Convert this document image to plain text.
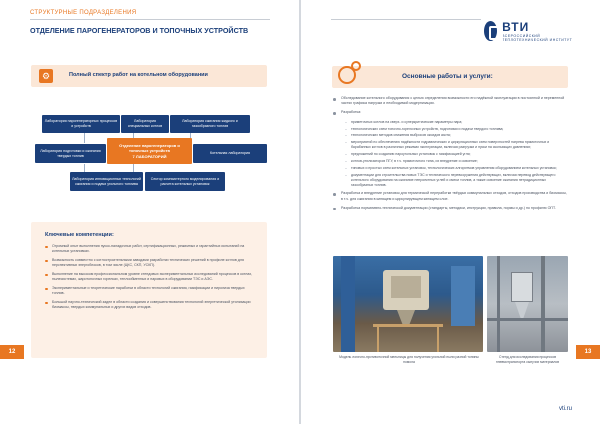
СТРУКТУРНЫЕ ПОДРАЗДЕЛЕНИЯ
ОТДЕЛЕНИЕ ПАРОГЕНЕРАТОРОВ И ТОПОЧНЫХ УСТРОЙСТВ
⚙	Полный спектр работ на котельном оборудовании
Лаборатория парогенераторных процессов и устройств
Лаборатория специальных котлов
Лаборатория сжигания жидкого и газообразного топлив
Лаборатория подготовки и сжигания твердых топлив
Отделение парогенераторов и топочных устройств
7 ЛАБОРАТОРИЙ
Котельная лаборатория
Лаборатория инновационных технологий сжигания и подачи угольного топлива
Сектор компьютерного моделирования и расчета котельных установок
Ключевые компетенции:
Огромный опыт выполнения пуско-наладочных работ, сертификационных, режимных и гарантийных испытаний на котельных установках.
Возможность совместно с котлостроительными заводами разработки технических решений в профиле котлов для перспективных энергоблоков, в том числе (ЦКС, СКП, УСКП).
Выполнение на высоком профессиональном уровне стендовых экспериментальных исследований процессов в котлах, пылесистемах, жаротопочных горелках, теплообменных и паровых в оборудовании ТЭС и АЭС.
Экспериментальные и теоретические наработки в области технологий сжигания, газификации и пиролиза твердых топлив.
Большой научно-технический задел в области создания и совершенствования технологий энергетической утилизации биомассы, твердых коммунальных и других видов отходов.
12
ВТИ
ВСЕРОССИЙСКИЙ ТЕПЛОТЕХНИЧЕСКИЙ ИНСТИТУТ
Основные работы и услуги:
Обследование котельного оборудования с целью определения возможности его надёжной эксплуатации в постоянной и переменной частях графика нагрузки и необходимой модернизации.
Разработка:
– приметочных котлов на сверх- и суперкритические параметры пара;
– технологических схем топочно-горелочных устройств, подготовки и подачи твердого топлива;
– технологических методов снижения выбросов оксидов азота;
– мероприятий по обеспечению надёжности гидравлических и циркуляционных схем поверхностей нагрева прямоточных и барабанных котлов в различных режимах эксплуатации, включая разгрузки и пуски на скользящих давлениях;
– предложений по созданию пароугольных установок с газификацией угля;
– котлов-утилизаторов ПГУ, в т.ч. прямоточного типа, их внедрение и освоение;
– типовых и простых схем котельных установок, технологических алгоритмов управления оборудованием котельных установок;
– документации для строительства новых ТЭС и технического перевооружения действующих, включая перевод действующего котельного оборудования на сжигание непроектных углей и смеси топлив, а также освоение сжигания нетрадиционных газообразных топлив.
Разработка и внедрение установок для термической переработки твёрдых коммунальных отходов, отходов производства и биомассы, в т.ч. для сжигания в кипящем и циркулирующем кипящем слое.
Разработка нормативно-технической документации (стандарты, методики, инструкции, правила, нормы и др.) по профилю ОПТ.
Модель логично-противоточной мельницы для получения угольной пыли разной тонины помола
Стенд для исследования процессов пневмотранспорта сыпучих материалов
13
vti.ru
